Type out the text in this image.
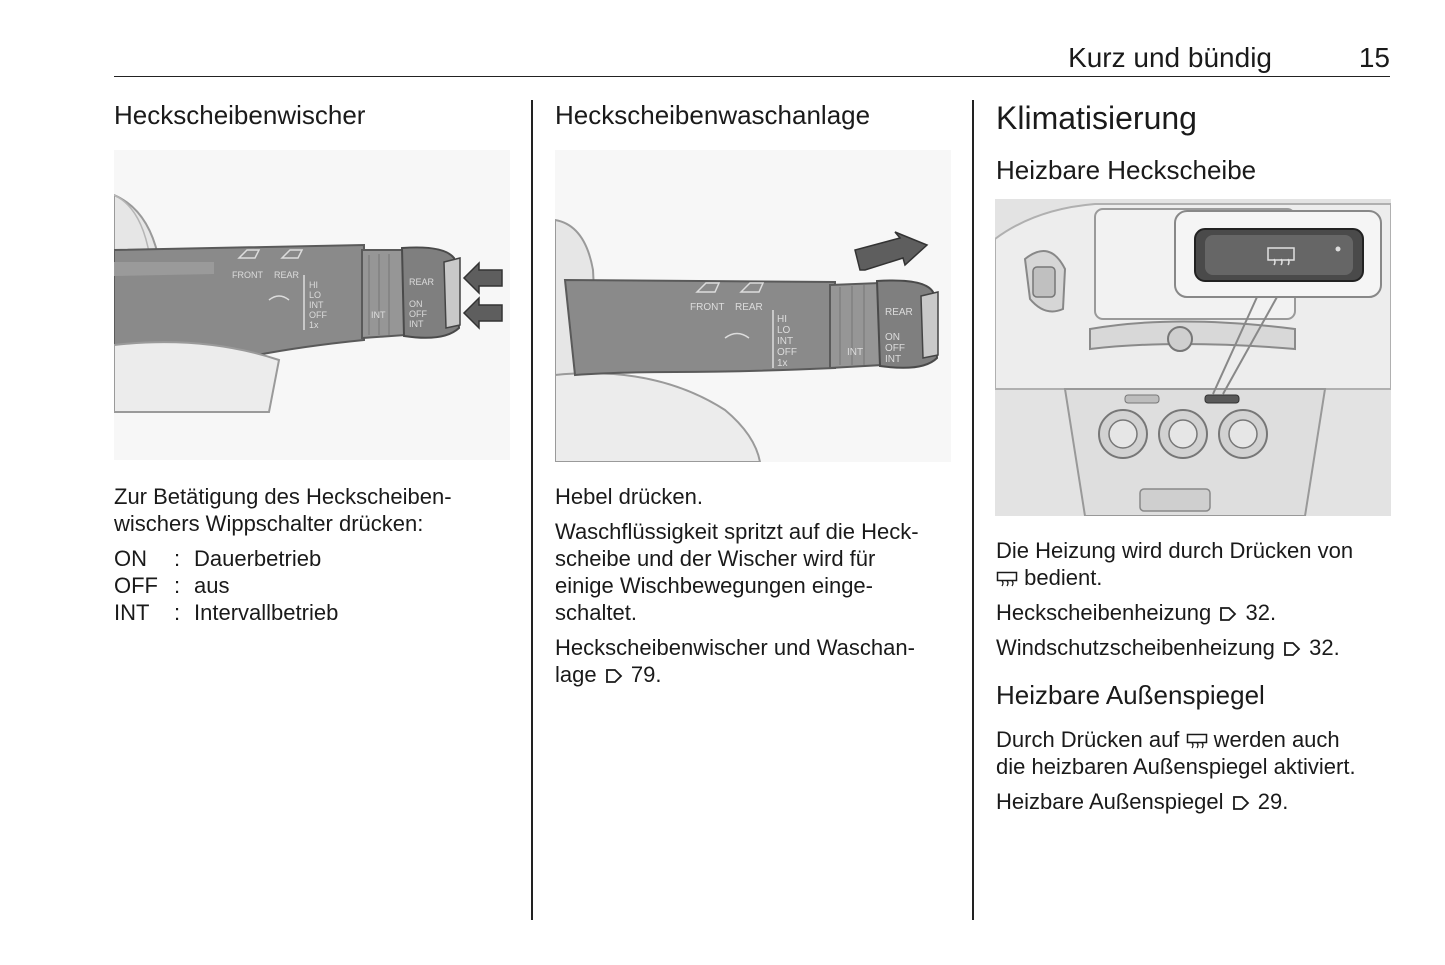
Kurz und bündig	15
Heckscheibenwischer
FRONT REAR
HI
LO
INT
OFF
1x
INT
REAR
ON
OFF
INT

Zur Betätigung des Heckscheiben-

wischers Wippschalter drücken:

ON	: Dauerbetrieb
OFF : aus
INT	: Intervallbetrieb
Heckscheibenwaschanlage
FRONT REAR
HI
LO
INT
OFF
1x
INT
REAR
ON
OFF
INT

Hebel drücken.

Waschflüssigkeit spritzt auf die Heck-

scheibe und der Wischer wird für

einige Wischbewegungen einge-

schaltet.

Heckscheibenwischer und Waschan-

lage 79.

Klimatisierung
Heizbare Heckscheibe

Die Heizung wird durch Drücken von

bedient.

Heckscheibenheizung 32.

Windschutzscheibenheizung 32.

Heizbare Außenspiegel

Durch Drücken auf werden auch

die heizbaren Außenspiegel aktiviert.

Heizbare Außenspiegel 29.
